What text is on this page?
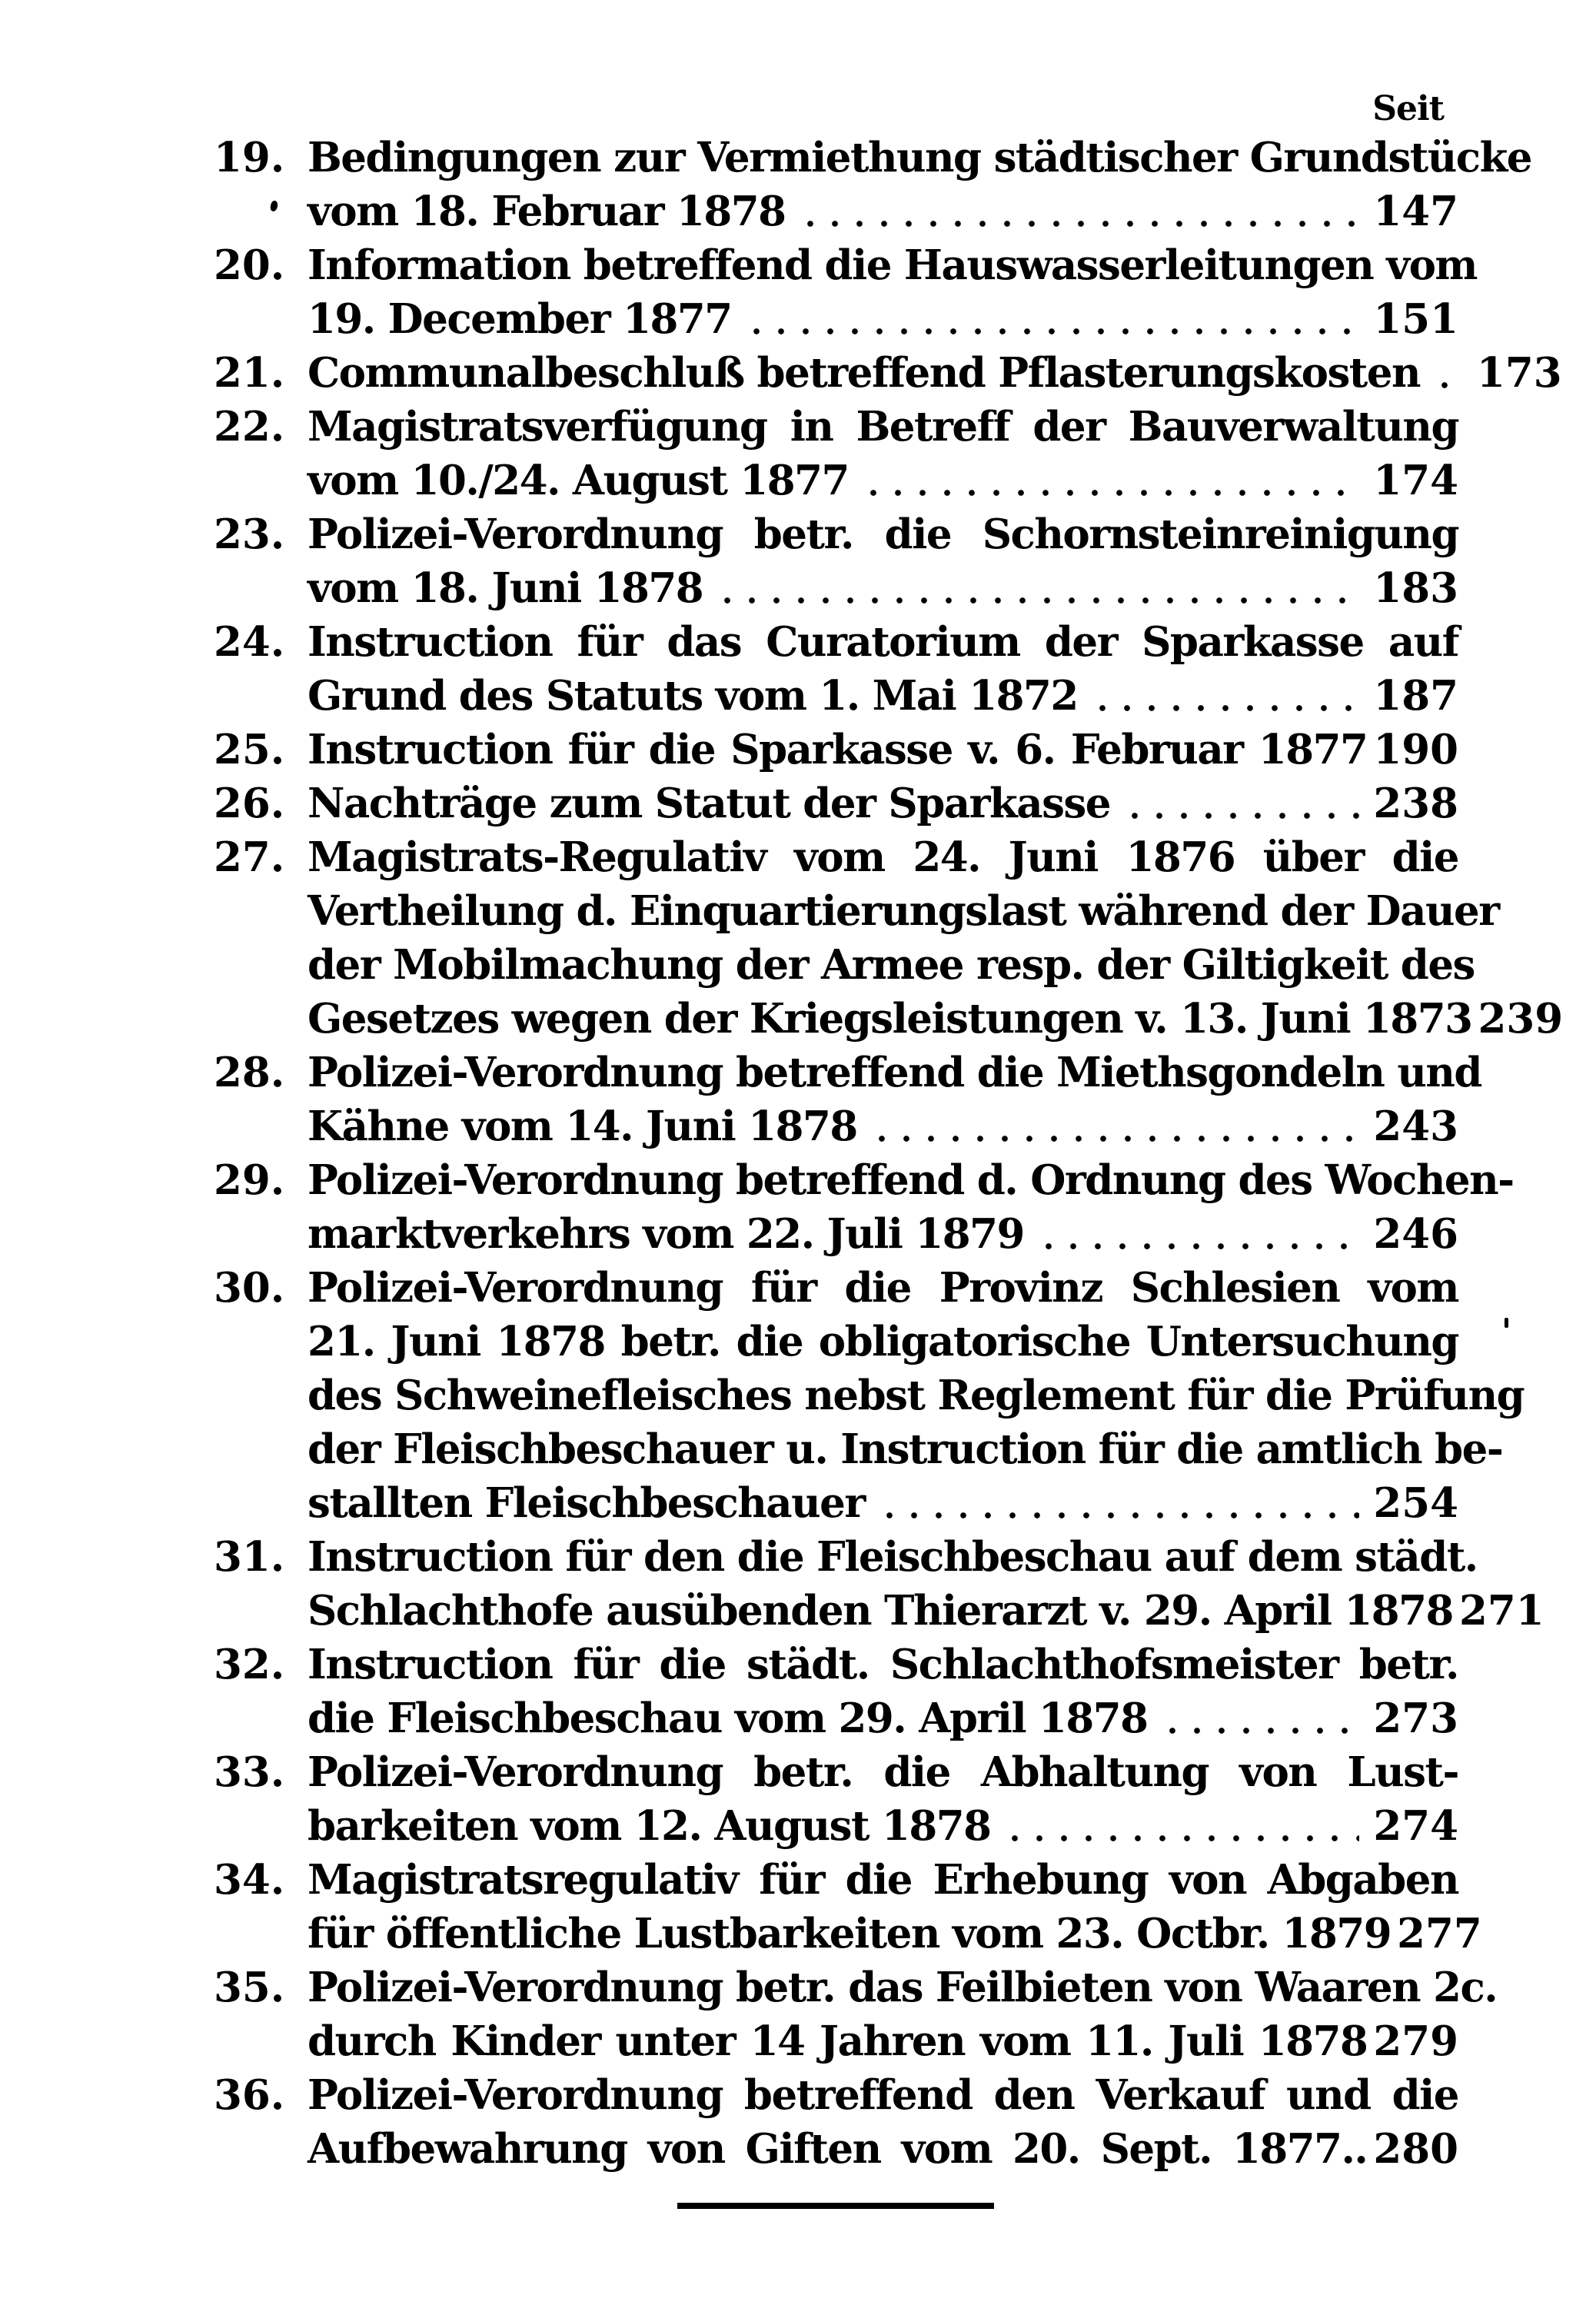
Seit
19. Bedingungen zur Vermiethung städtischer Grundstücke
vom 18. Februar 1878	147
20. Information betreffend die Hauswasserleitungen vom
19. December 1877	151
21. Communalbeschluß betreffend Pflasterungskosten 173
22. Magistratsverfügung in Betreff der Bauverwaltung
vom 10./24. August 1877	174
23. Polizei-Verordnung betr. die Schornsteinreinigung
vom 18. Juni 1878	183
24. Instruction für das Curatorium der Sparkasse auf
Grund des Statuts vom 1. Mai 1872	187
25. Instruction für die Sparkasse v. 6. Februar 1877 190
26. Nachträge zum Statut der Sparkasse	238
27. Magistrats-Regulativ vom 24. Juni 1876 über die
Vertheilung d. Einquartierungslast während der Dauer
der Mobilmachung der Armee resp. der Giltigkeit des
Gesetzes wegen der Kriegsleistungen v. 13. Juni 1873 239
28. Polizei-Verordnung betreffend die Miethsgondeln und
Kähne vom 14. Juni 1878	243
29. Polizei-Verordnung betreffend d. Ordnung des Wochen-
marktverkehrs vom 22. Juli 1879	246
30. Polizei-Verordnung für die Provinz Schlesien vom
21. Juni 1878 betr. die obligatorische Untersuchung
des Schweinefleisches nebst Reglement für die Prüfung
der Fleischbeschauer u. Instruction für die amtlich be-
stallten Fleischbeschauer	254
31. Instruction für den die Fleischbeschau auf dem städt.
Schlachthofe ausübenden Thierarzt v. 29. April 1878 271
32. Instruction für die städt. Schlachthofsmeister betr.
die Fleischbeschau vom 29. April 1878	273
33. Polizei-Verordnung betr. die Abhaltung von Lust-
barkeiten vom 12. August 1878	274
34. Magistratsregulativ für die Erhebung von Abgaben
für öffentliche Lustbarkeiten vom 23. Octbr. 1879 277
35. Polizei-Verordnung betr. das Feilbieten von Waaren 2c.
durch Kinder unter 14 Jahren vom 11. Juli 1878 279
36. Polizei-Verordnung betreffend den Verkauf und die
Aufbewahrung von Giften vom 20. Sept. 1877.. 280
